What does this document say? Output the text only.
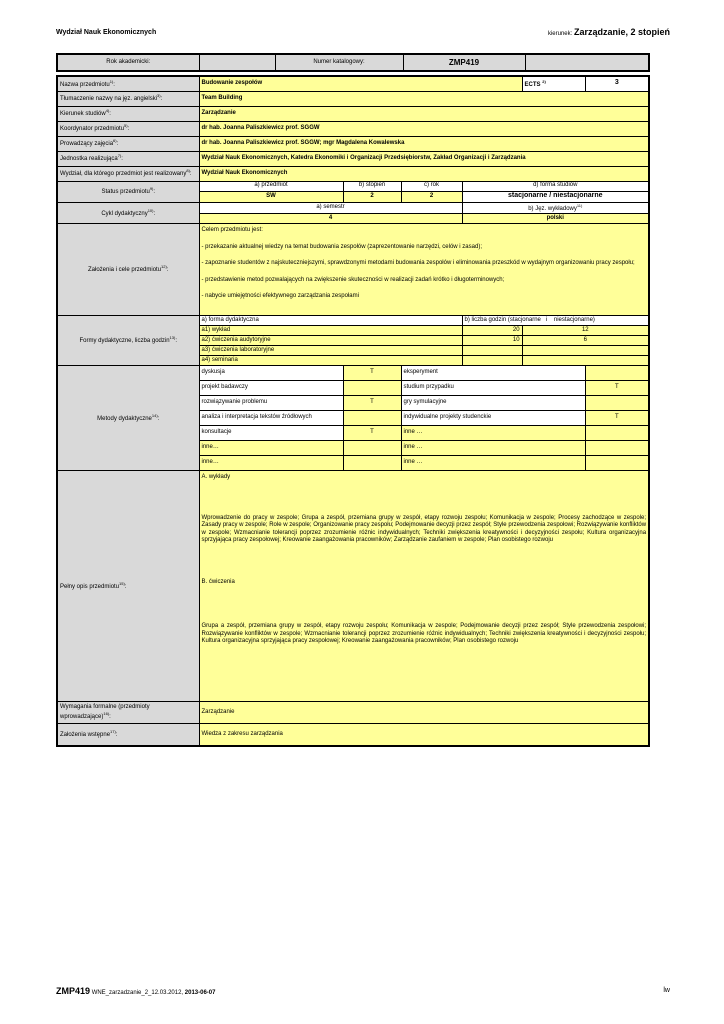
Wydział Nauk Ekonomicznych	kierunek: Zarządzanie, 2 stopień
Rok akademicki:			Numer katalogowy:	ZMP419
Nazwa przedmiotu$^{1)}$:	Budowanie zespołów				ECTS $^{2)}$	3
Tłumaczenie nazwy na jęz. angielski$^{3)}$:	Team Building					
Kierunek studiów$^{4)}$:	Zarządzanie					
Koordynator przedmiotu$^{5)}$:	dr hab. Joanna Paliszkiewicz prof. SGGW					
Prowadzący zajęcia$^{6)}$:	dr hab. Joanna Paliszkiewicz prof. SGGW; mgr Magdalena Kowalewska					
Jednostka realizująca$^{7)}$:	Wydział Nauk Ekonomicznych, Katedra Ekonomiki i Organizacji Przedsiębiorstw, Zakład Organizacji i Zarządzania					
Wydział, dla którego przedmiot jest realizowany$^{8)}$:	Wydział Nauk Ekonomicznych					
Status przedmiotu$^{9)}$:	a) przedmiot	b) stopień	c) rok	d) forma studiów		
	SW	2	2	stacjonarne / niestacjonarne		
Cykl dydaktyczny$^{10)}$:	a) semestr			b) Jęz. wykładowy$^{11)}$
	4			polski		
Założenia i cele przedmiotu$^{12)}$:	Celem przedmiotu jest:

- przekazanie aktualnej wiedzy na temat budowania zespołów (zaprezentowanie narzędzi, celów i zasad);

- zapoznanie studentów z najskuteczniejszymi, sprawdzonymi metodami budowania zespołów i eliminowania przeszkód w wydajnym organizowaniu pracy zespołu;

- przedstawienie metod pozwalających na zwiększenie skuteczności w realizacji zadań krótko i długoterminowych;

- nabycie umiejętności efektywnego zarządzania zespołami					

Formy dydaktyczne, liczba godzin$^{13)}$:	a) forma dydaktyczna			b) liczba godzin (stacjonarne   i    niestacjonarne)		
	a1) wykład			20	12	
	a2) ćwiczenia audytoryjne			10	6	
	a3) ćwiczenia laboratoryjne					
	a4) seminaria					
Metody dydaktyczne$^{14)}$:	dyskusja	T	eksperyment			
	projekt badawczy		studium przypadku			T
	rozwiązywanie problemu	T	gry symulacyjne			
	analiza i interpretacja tekstów źródłowych		indywidualne projekty studenckie			T
	konsultacje	T	inne …			
	inne…		inne …			
	inne…		inne …			
Pełny opis przedmiotu$^{15)}$:	A. wykłady
Wprowadzenie do pracy w zespole; Grupa a zespół, przemiana grupy w zespół, etapy rozwoju zespołu; Komunikacja w zespole; Procesy zachodzące w zespole; Zasady pracy w zespole; Role w zespole; Organizowanie pracy zespołu; Podejmowanie decyzji przez zespół; Style przewodzenia zespołowi; Rozwiązywanie konfliktów w zespole; Wzmacnianie tolerancji poprzez zrozumienie różnic indywidualnych; Techniki zwiększenia kreatywności i decyzyjności zespołu; Kultura organizacyjna sprzyjająca pracy zespołowej; Kreowanie zaangażowania pracowników; Zarządzanie zaufaniem w zespole; Plan osobistego rozwoju
B. ćwiczenia
Grupa a zespół, przemiana grupy w zespół, etapy rozwoju zespołu; Komunikacja w zespole; Podejmowanie decyzji przez zespół; Style przewodzenia zespołowi; Rozwiązywanie konfliktów w zespole; Wzmacnianie tolerancji poprzez zrozumienie różnic indywidualnych; Techniki zwiększenia kreatywności i decyzyjności zespołu; Kultura organizacyjna sprzyjająca pracy zespołowej; Kreowanie zaangażowania pracowników; Plan osobistego rozwoju					

Wymagania formalne (przedmioty wprowadzające)$^{16)}$:	Zarządzanie					
Założenia wstępne$^{17)}$:	Wiedza z zakresu zarządzania					
ZMP419 WNE_zarzadzanie_2_12.03.2012, 2013-06-07	lw
